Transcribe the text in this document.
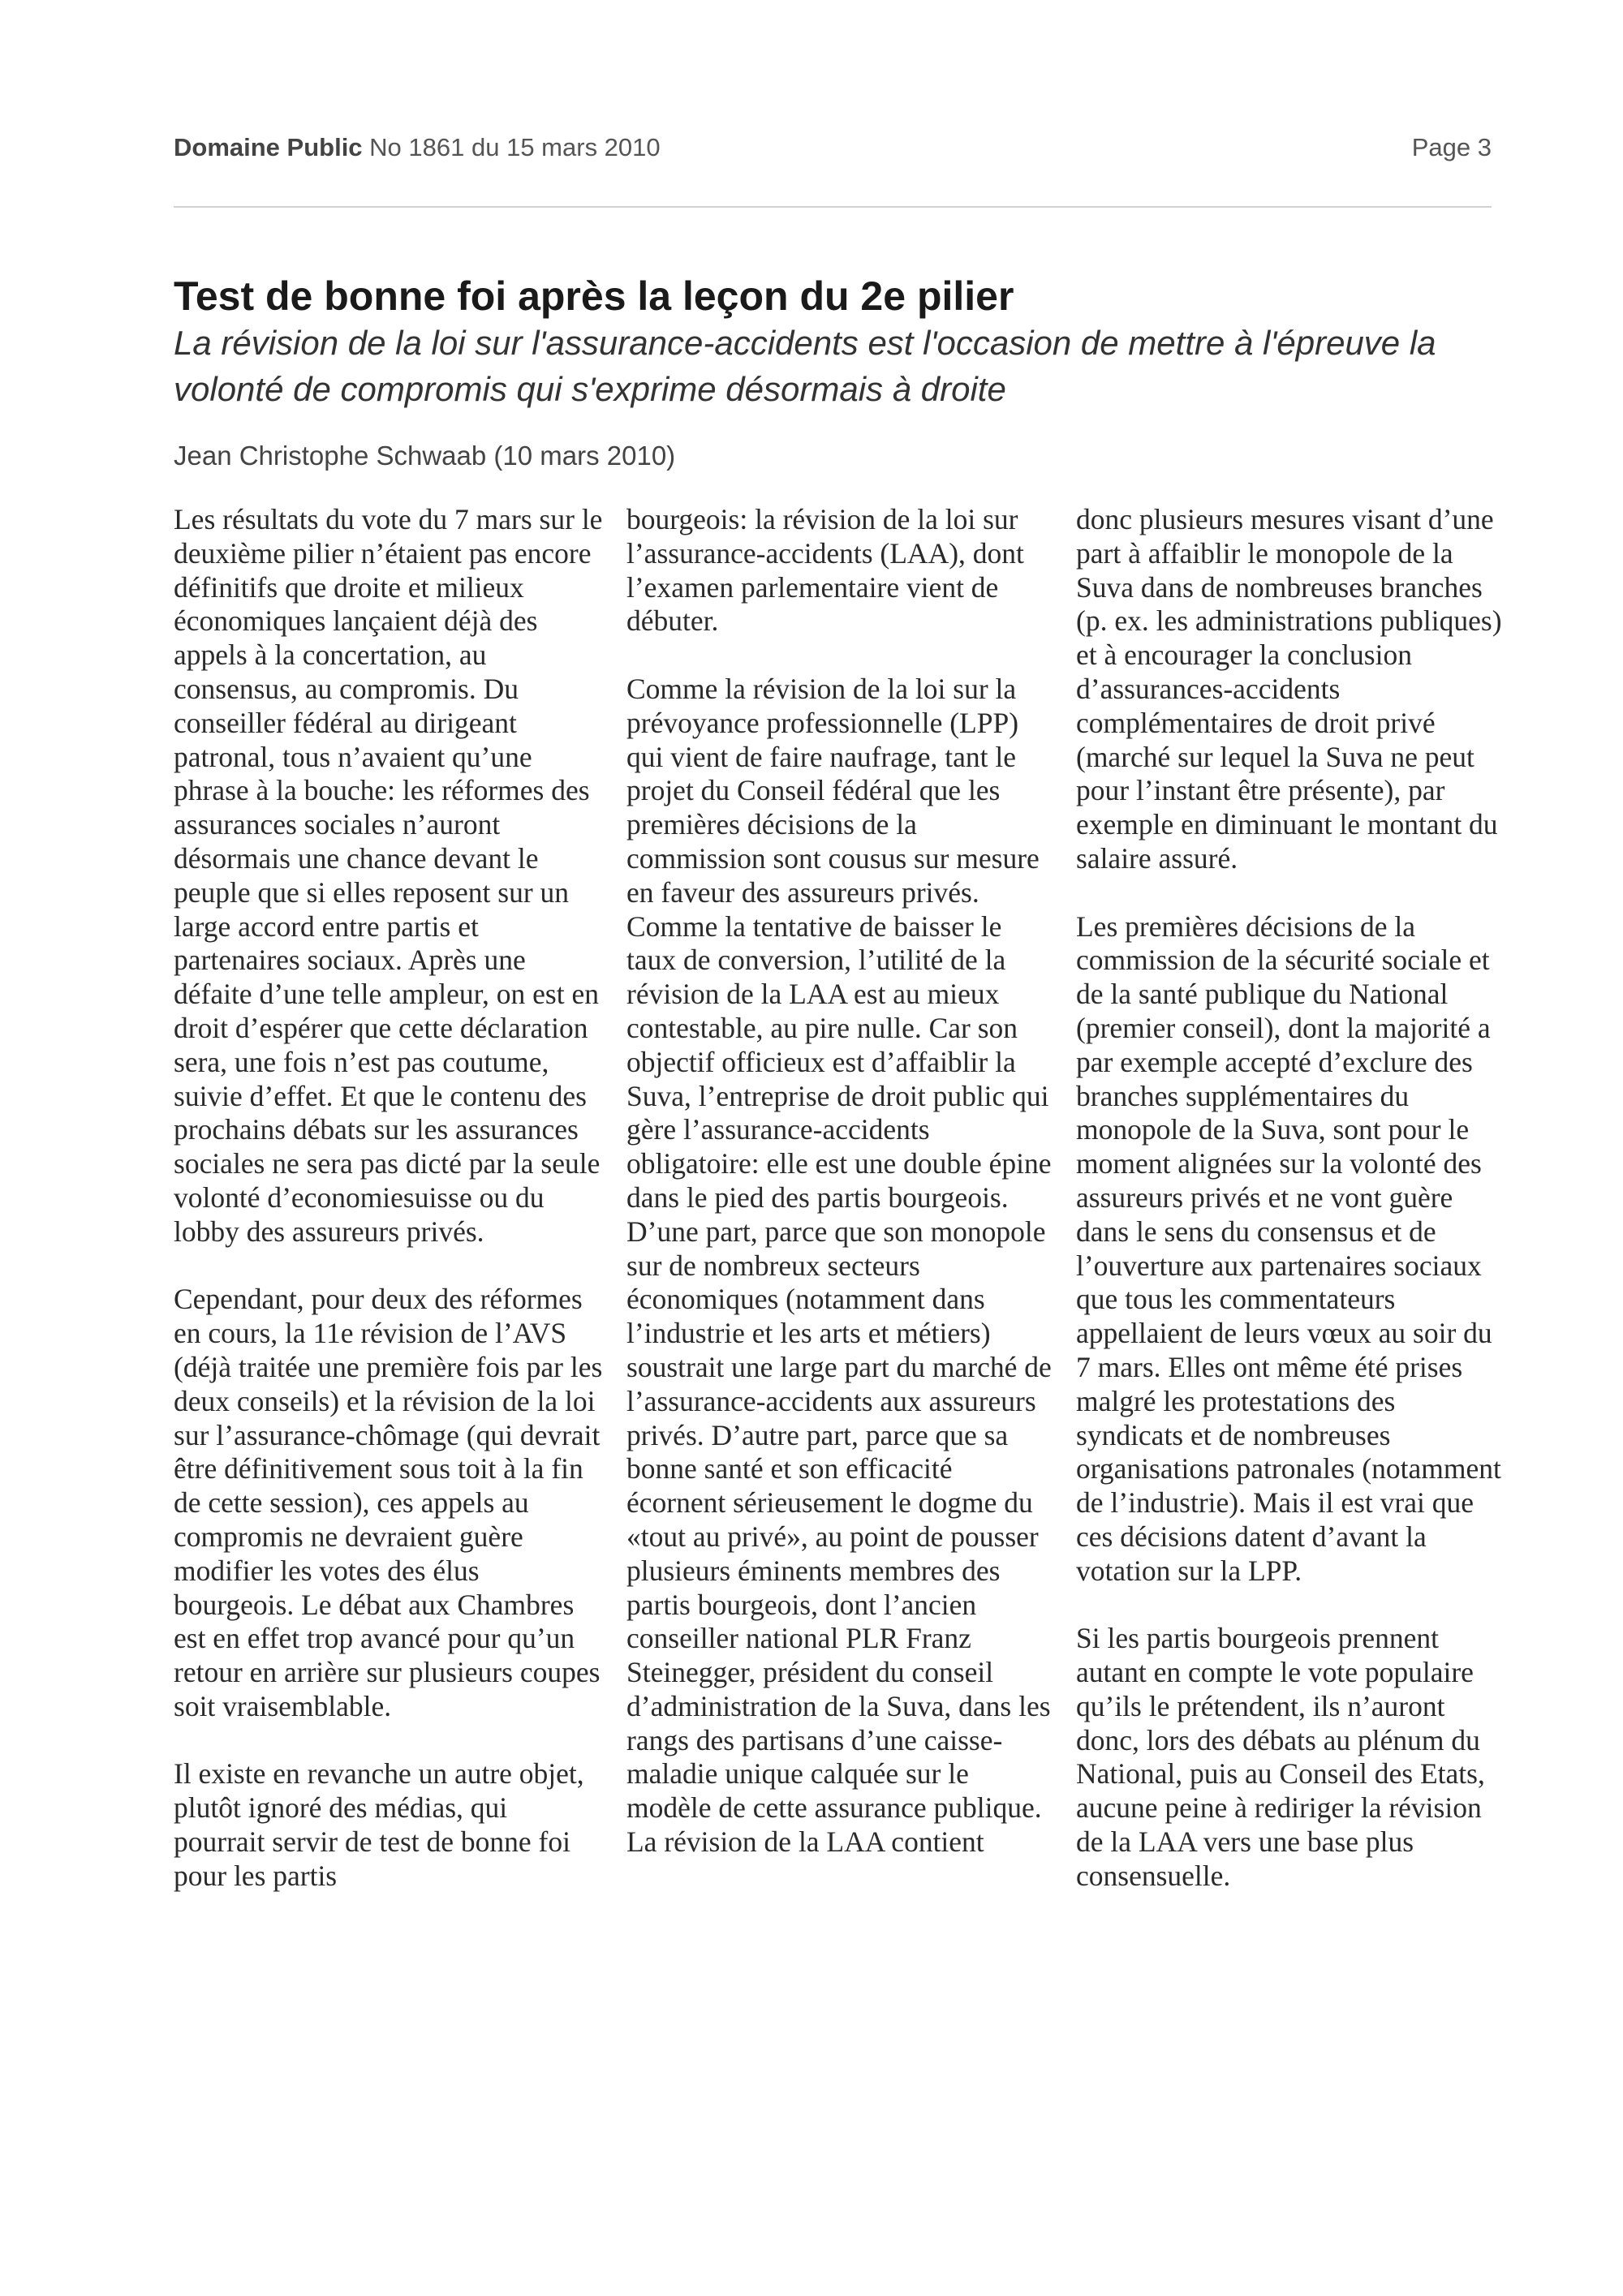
Domaine Public No 1861 du 15 mars 2010	Page 3
Test de bonne foi après la leçon du 2e pilier

La révision de la loi sur l'assurance-accidents est l'occasion de mettre à l'épreuve la volonté de compromis qui s'exprime désormais à droite

Jean Christophe Schwaab (10 mars 2010)

Les résultats du vote du 7 mars sur le deuxième pilier n’étaient pas encore définitifs que droite et milieux économiques lançaient déjà des appels à la concertation, au consensus, au compromis. Du conseiller fédéral au dirigeant patronal, tous n’avaient qu’une phrase à la bouche: les réformes des assurances sociales n’auront désormais une chance devant le peuple que si elles reposent sur un large accord entre partis et partenaires sociaux. Après une défaite d’une telle ampleur, on est en droit d’espérer que cette déclaration sera, une fois n’est pas coutume, suivie d’effet. Et que le contenu des prochains débats sur les assurances sociales ne sera pas dicté par la seule volonté d’economiesuisse ou du lobby des assureurs privés.

Cependant, pour deux des réformes en cours, la 11e révision de l’AVS (déjà traitée une première fois par les deux conseils) et la révision de la loi sur l’assurance-chômage (qui devrait être définitivement sous toit à la fin de cette session), ces appels au compromis ne devraient guère modifier les votes des élus bourgeois. Le débat aux Chambres est en effet trop avancé pour qu’un retour en arrière sur plusieurs coupes soit vraisemblable.

Il existe en revanche un autre objet, plutôt ignoré des médias, qui pourrait servir de test de bonne foi pour les partis

bourgeois: la révision de la loi sur l’assurance-accidents (LAA), dont l’examen parlementaire vient de débuter.

Comme la révision de la loi sur la prévoyance professionnelle (LPP) qui vient de faire naufrage, tant le projet du Conseil fédéral que les premières décisions de la commission sont cousus sur mesure en faveur des assureurs privés. Comme la tentative de baisser le taux de conversion, l’utilité de la révision de la LAA est au mieux contestable, au pire nulle. Car son objectif officieux est d’affaiblir la Suva, l’entreprise de droit public qui gère l’assurance-accidents obligatoire: elle est une double épine dans le pied des partis bourgeois. D’une part, parce que son monopole sur de nombreux secteurs économiques (notamment dans l’industrie et les arts et métiers) soustrait une large part du marché de l’assurance-accidents aux assureurs privés. D’autre part, parce que sa bonne santé et son efficacité écornent sérieusement le dogme du «tout au privé», au point de pousser plusieurs éminents membres des partis bourgeois, dont l’ancien conseiller national PLR Franz Steinegger, président du conseil d’administration de la Suva, dans les rangs des partisans d’une caisse-maladie unique calquée sur le modèle de cette assurance publique. La révision de la LAA contient

donc plusieurs mesures visant d’une part à affaiblir le monopole de la Suva dans de nombreuses branches (p. ex. les administrations publiques) et à encourager la conclusion d’assurances-accidents complémentaires de droit privé (marché sur lequel la Suva ne peut pour l’instant être présente), par exemple en diminuant le montant du salaire assuré.

Les premières décisions de la commission de la sécurité sociale et de la santé publique du National (premier conseil), dont la majorité a par exemple accepté d’exclure des branches supplémentaires du monopole de la Suva, sont pour le moment alignées sur la volonté des assureurs privés et ne vont guère dans le sens du consensus et de l’ouverture aux partenaires sociaux que tous les commentateurs appellaient de leurs vœux au soir du 7 mars. Elles ont même été prises malgré les protestations des syndicats et de nombreuses organisations patronales (notamment de l’industrie). Mais il est vrai que ces décisions datent d’avant la votation sur la LPP.

Si les partis bourgeois prennent autant en compte le vote populaire qu’ils le prétendent, ils n’auront donc, lors des débats au plénum du National, puis au Conseil des Etats, aucune peine à rediriger la révision de la LAA vers une base plus consensuelle.
